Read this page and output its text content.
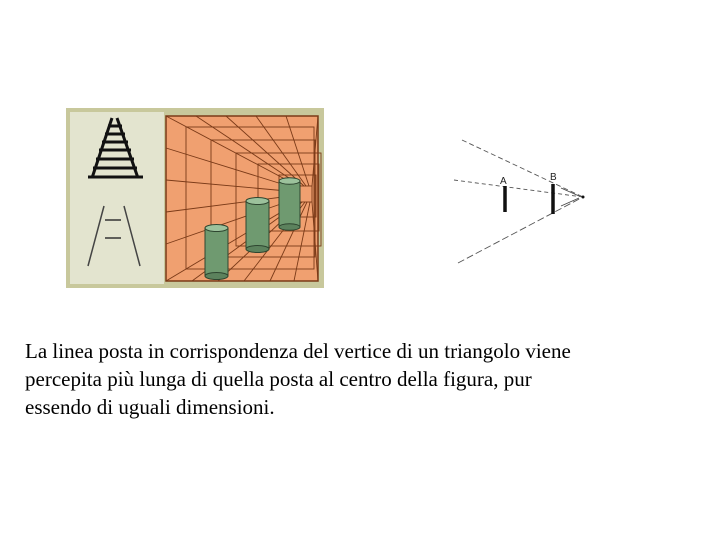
A	B
La linea posta in corrispondenza del vertice di un triangolo viene
percepita più lunga di quella posta al centro della figura, pur
essendo di uguali dimensioni.
